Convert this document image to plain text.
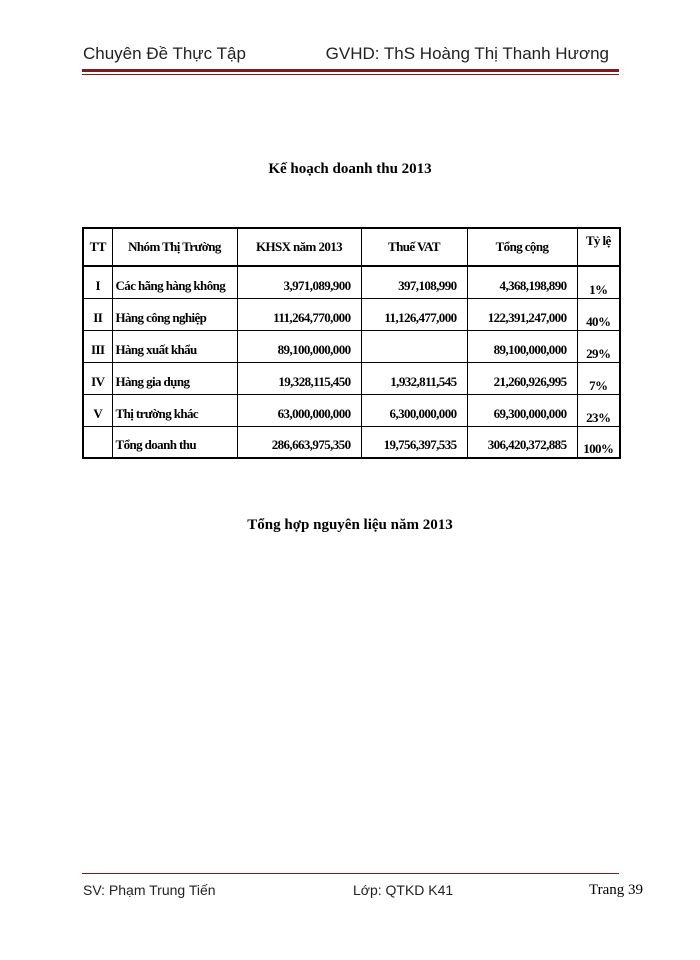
Chuyên Đề Thực Tập	GVHD: ThS Hoàng Thị Thanh Hương
Kế hoạch doanh thu 2013
TT	Nhóm Thị Trường	KHSX năm 2013	Thuế VAT	Tổng cộng	Tỷ lệ
I	Các hãng hàng không	3,971,089,900	397,108,990	4,368,198,890	1%
II	Hàng công nghiệp	111,264,770,000	11,126,477,000	122,391,247,000	40%
III	Hàng xuất khẩu	89,100,000,000		89,100,000,000	29%
IV	Hàng gia dụng	19,328,115,450	1,932,811,545	21,260,926,995	7%
V	Thị trường khác	63,000,000,000	6,300,000,000	69,300,000,000	23%
	Tổng doanh thu	286,663,975,350	19,756,397,535	306,420,372,885	100%
Tổng hợp nguyên liệu năm 2013
SV: Phạm Trung Tiến	Lớp: QTKD K41	Trang 39
